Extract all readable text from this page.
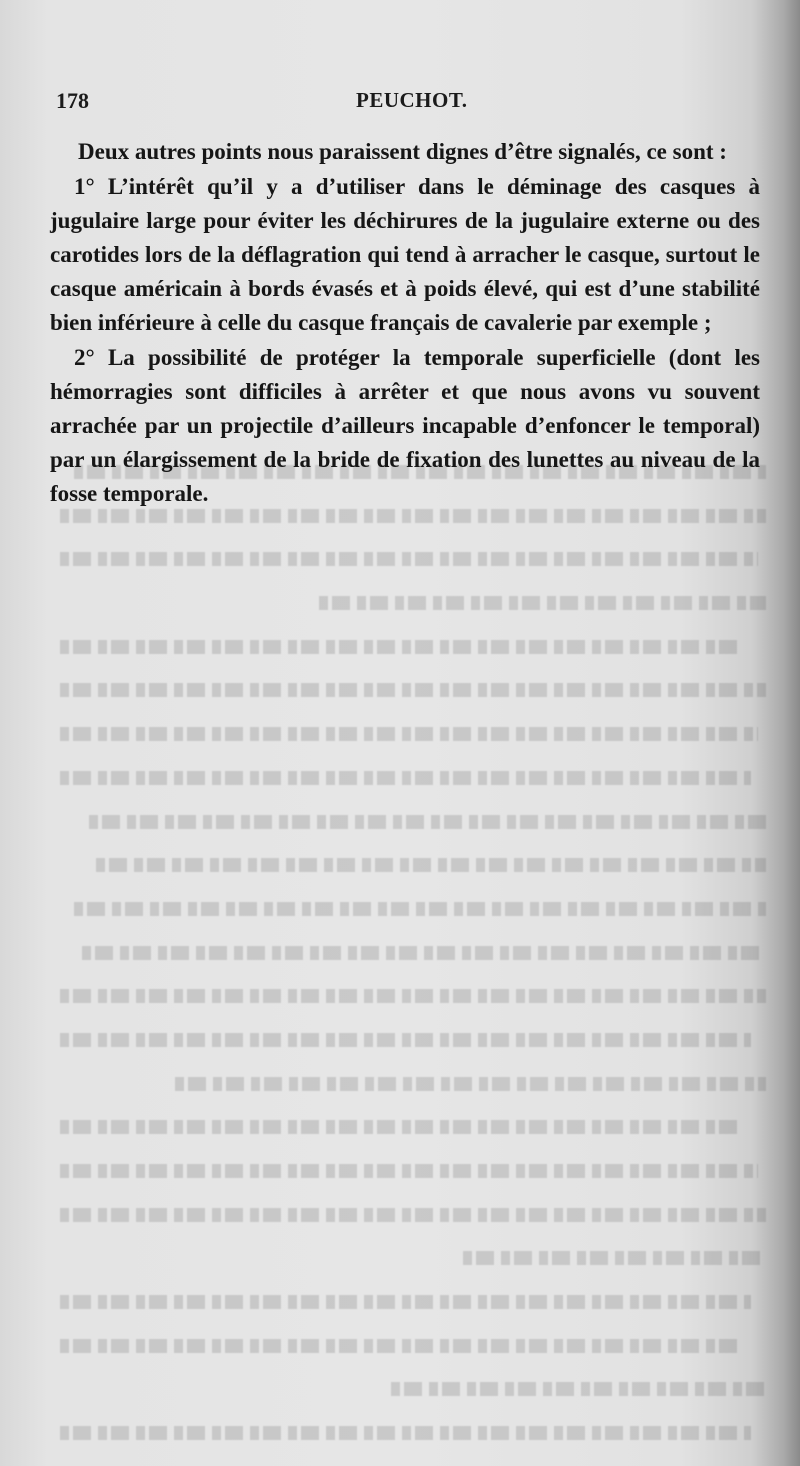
178	PEUCHOT.

Deux autres points nous paraissent dignes d’être signalés, ce sont :

1° L’intérêt qu’il y a d’utiliser dans le déminage des casques à jugulaire large pour éviter les déchirures de la jugulaire externe ou des carotides lors de la déflagration qui tend à arracher le casque, surtout le casque américain à bords évasés et à poids élevé, qui est d’une stabilité bien inférieure à celle du casque français de cavalerie par exemple ;

2° La possibilité de protéger la temporale superficielle (dont les hémorragies sont difficiles à arrêter et que nous avons vu souvent arrachée par un projectile d’ailleurs incapable d’enfoncer le temporal) par un élargissement de la bride de fixation des lunettes au niveau de la fosse temporale.
